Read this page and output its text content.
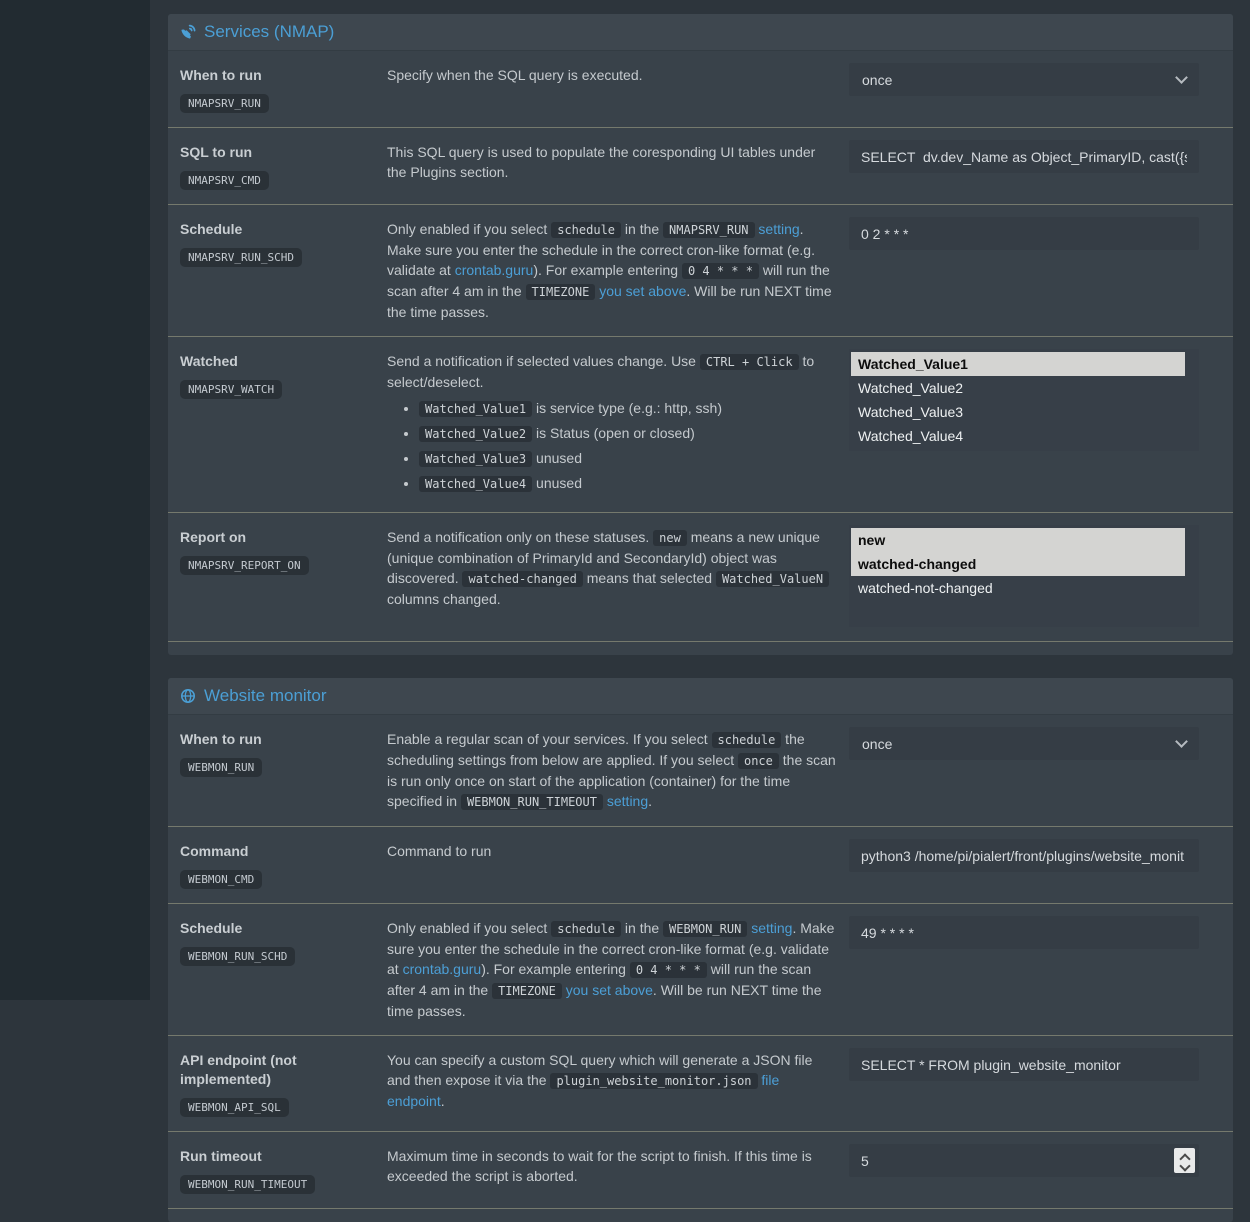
Services (NMAP)
When to run
NMAPSRV_RUN

Specify when the SQL query is executed.	once
SQL to run
NMAPSRV_CMD

This SQL query is used to populate the coresponding UI tables under the Plugins section.

SELECT dv.dev_Name as Object_PrimaryID, cast({s-quo
Schedule
NMAPSRV_RUN_SCHD

Only enabled if you select schedule in the NMAPSRV_RUN setting. Make sure you enter the schedule in the correct cron-like format (e.g. validate at crontab.guru). For example entering 0 4 * * * will run the scan after 4 am in the TIMEZONE you set above. Will be run NEXT time the time passes.

0 2 * * *
Watched
NMAPSRV_WATCH

Send a notification if selected values change. Use CTRL + Click to select/deselect.

• Watched_Value1 is service type (e.g.: http, ssh)
• Watched_Value2 is Status (open or closed)
• Watched_Value3 unused
• Watched_Value4 unused
Watched_Value1
Watched_Value2
Watched_Value3
Watched_Value4
Report on
NMAPSRV_REPORT_ON

Send a notification only on these statuses. new means a new unique (unique combination of PrimaryId and SecondaryId) object was discovered. watched-changed means that selected Watched_ValueN columns changed.

new
watched-changed
watched-not-changed
Website monitor
When to run
WEBMON_RUN

Enable a regular scan of your services. If you select schedule the scheduling settings from below are applied. If you select once the scan is run only once on start of the application (container) for the time specified in WEBMON_RUN_TIMEOUT setting.

once
Command
WEBMON_CMD

Command to run

python3 /home/pi/pialert/front/plugins/website_monit
Schedule
WEBMON_RUN_SCHD

Only enabled if you select schedule in the WEBMON_RUN setting. Make sure you enter the schedule in the correct cron-like format (e.g. validate at crontab.guru). For example entering 0 4 * * * will run the scan after 4 am in the TIMEZONE you set above. Will be run NEXT time the time passes.

49 * * * *
API endpoint (not implemented)
WEBMON_API_SQL

You can specify a custom SQL query which will generate a JSON file and then expose it via the plugin_website_monitor.json file endpoint.

SELECT * FROM plugin_website_monitor
Run timeout
WEBMON_RUN_TIMEOUT

Maximum time in seconds to wait for the script to finish. If this time is exceeded the script is aborted.

5
